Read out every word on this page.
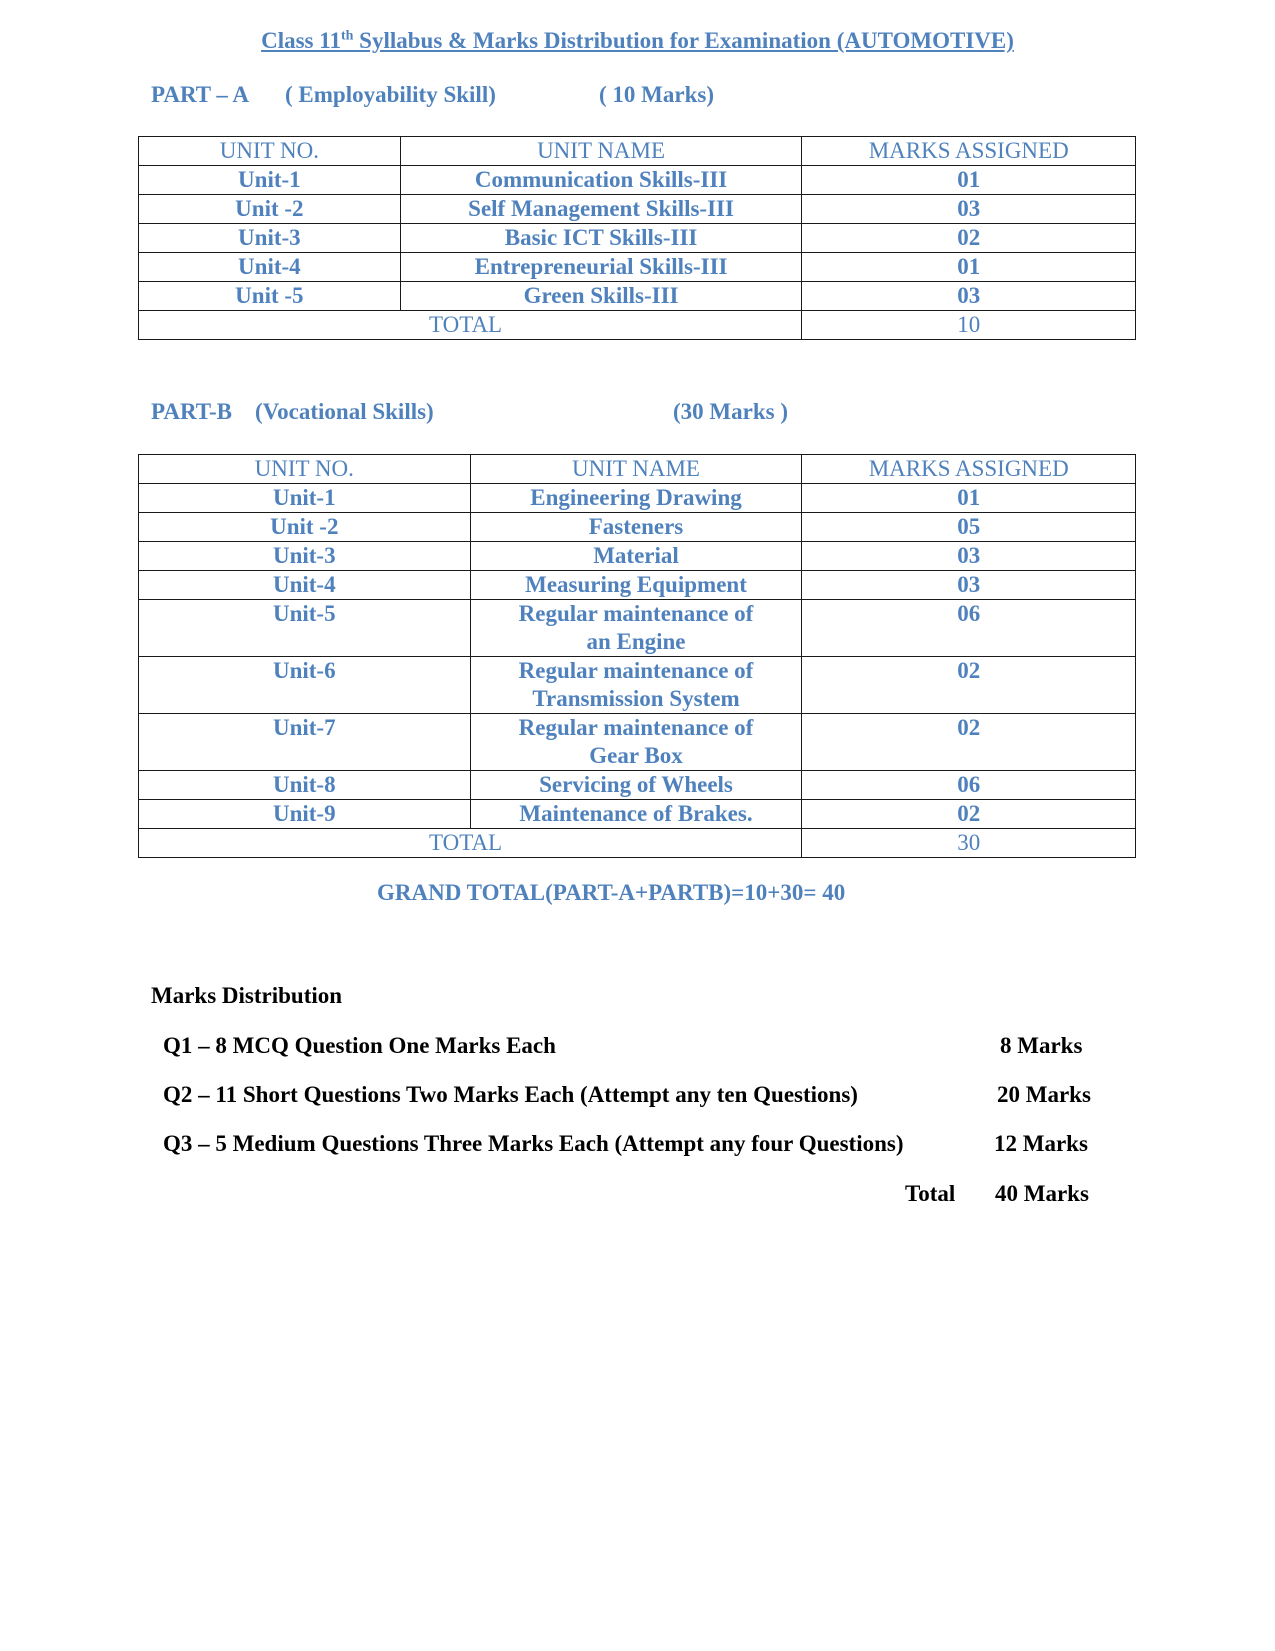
Class 11th Syllabus & Marks Distribution for Examination (AUTOMOTIVE)

PART – A ( Employability Skill)	( 10 Marks)

UNIT NO.	UNIT NAME	MARKS ASSIGNED
Unit-1	Communication Skills-III	01
Unit -2	Self Management Skills-III	03
Unit-3	Basic ICT Skills-III	02
Unit-4	Entrepreneurial Skills-III	01
Unit -5	Green Skills-III	03
TOTAL		10

PART-B (Vocational Skills)	(30 Marks )

UNIT NO.	UNIT NAME	MARKS ASSIGNED
Unit-1	Engineering Drawing	01
Unit -2	Fasteners	05
Unit-3	Material	03
Unit-4	Measuring Equipment	03
Unit-5	Regular maintenance of an Engine	06
Unit-6	Regular maintenance of Transmission System	02
Unit-7	Regular maintenance of Gear Box	02
Unit-8	Servicing of Wheels	06
Unit-9	Maintenance of Brakes.	02
TOTAL		30

GRAND TOTAL(PART-A+PARTB)=10+30= 40

Marks Distribution

Q1 – 8 MCQ Question One Marks Each	8 Marks
Q2 – 11 Short Questions Two Marks Each (Attempt any ten Questions)	20 Marks
Q3 – 5 Medium Questions Three Marks Each (Attempt any four Questions)	12 Marks
Total 40 Marks
